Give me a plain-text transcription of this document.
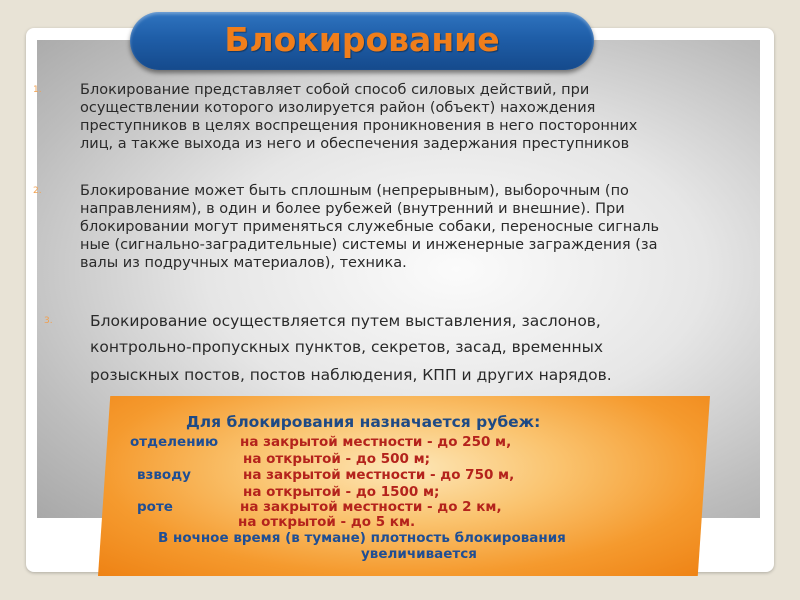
Блокирование
1.	Блокирование представляет собой способ силовых действий, при

осуществлении которого изолируется район (объект) нахождения

преступников в целях воспрещения проникновения в него посторонних

лиц, а также выхода из него и обеспечения задержания преступников

2.	Блокирование может быть сплошным (непрерывным), выборочным (по

направлениям), в один и более рубежей (внутренний и внешние). При

блокировании могут применяться служебные собаки, переносные сигналь

ные (сигнально-заградительные) системы и инженерные заграждения (за

валы из подручных материалов), техника.

3. Блокирование осуществляется путем выставления, заслонов,

контрольно-пропускных пунктов, секретов, засад, временных

розыскных постов, постов наблюдения, КПП и других нарядов.

Для блокирования назначается рубеж:
отделению на закрытой местности - до 250 м,
на открытой - до 500 м;
взводу	на закрытой местности - до 750 м,
на открытой - до 1500 м;
роте	на закрытой местности - до 2 км,
на открытой - до 5 км.
В ночное время (в тумане) плотность блокирования
увеличивается
